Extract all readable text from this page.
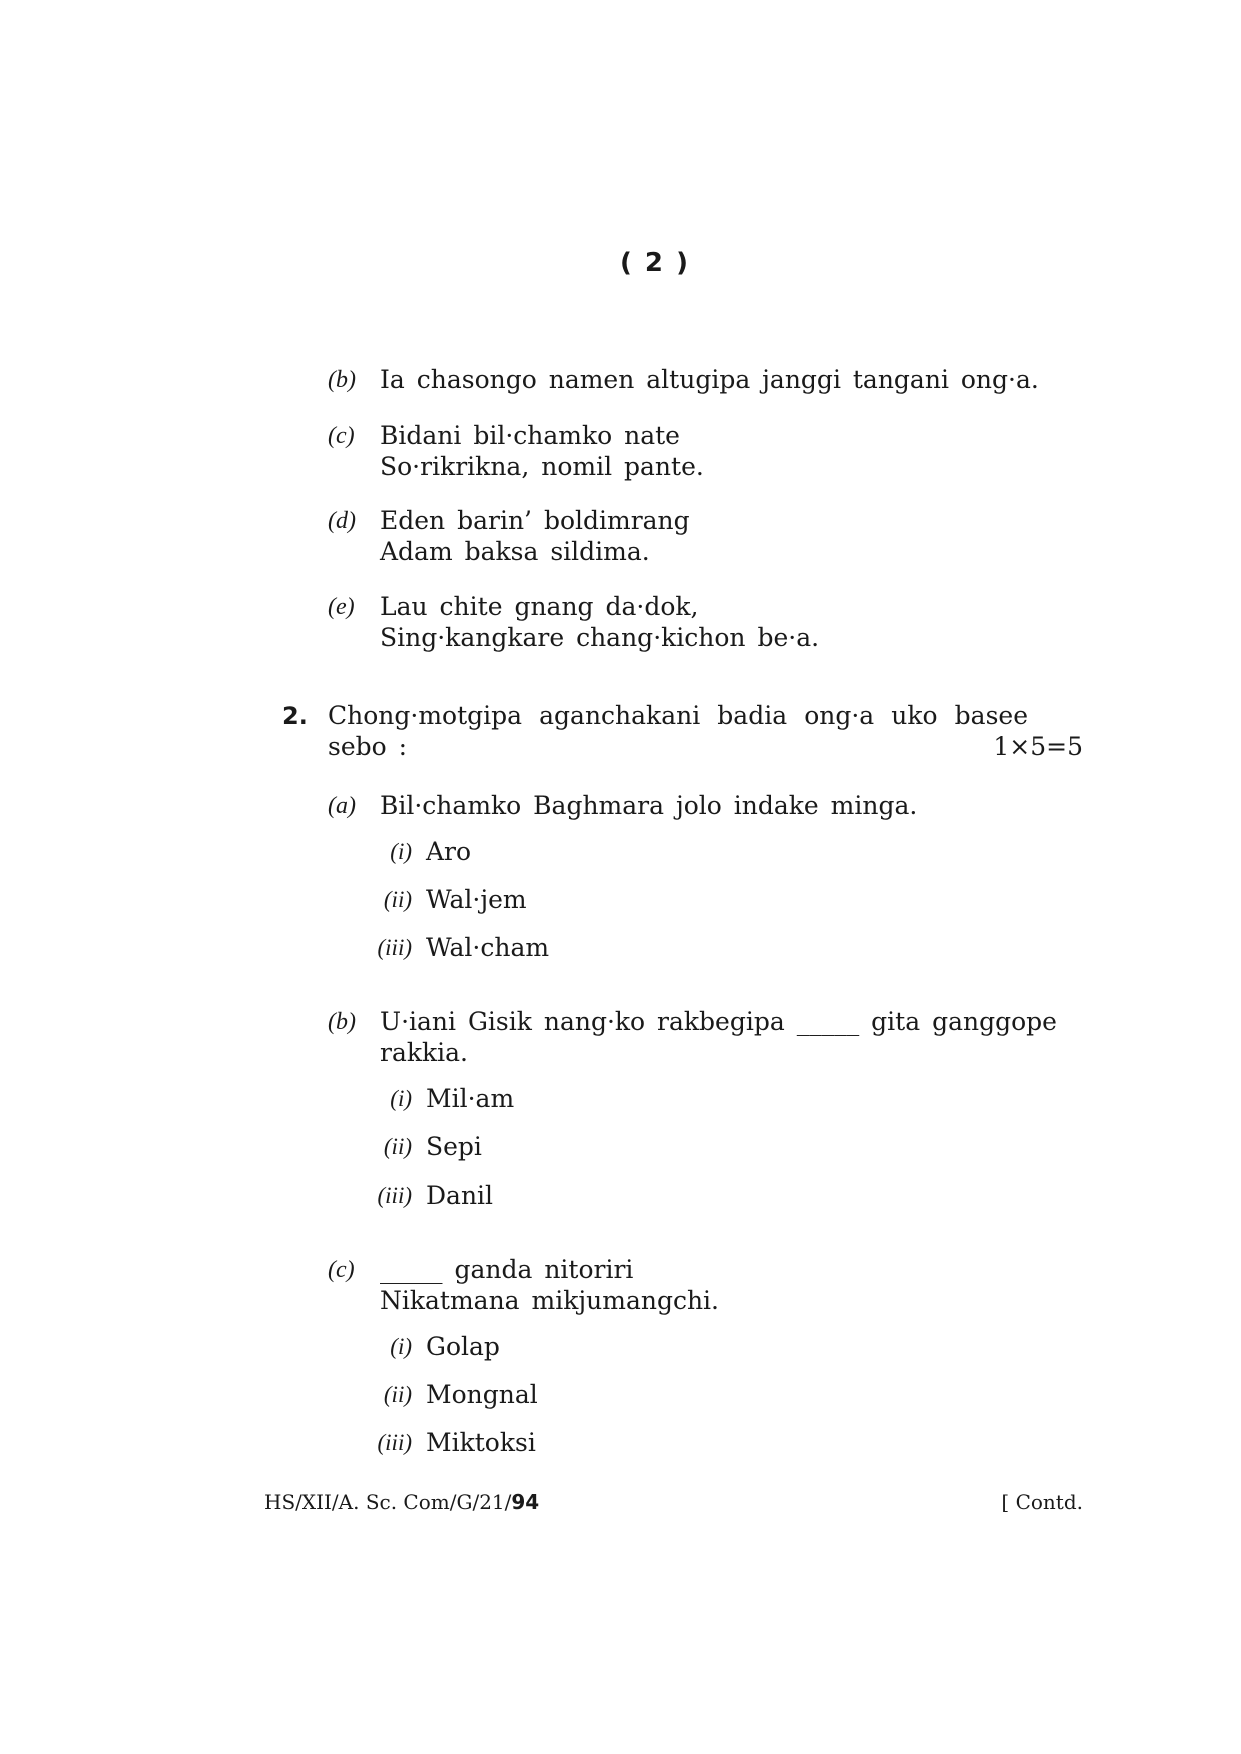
( 2 )
(b) Ia chasongo namen altugipa janggi tangani ong·a.
(c) Bidani bil·chamko nate
So·rikrikna, nomil pante.
(d) Eden barin’ boldimrang
Adam baksa sildima.
(e) Lau chite gnang da·dok,
Sing·kangkare chang·kichon be·a.
2. Chong·motgipa aganchakani badia ong·a uko basee
sebo :	1×5=5
(a) Bil·chamko Baghmara jolo indake minga.
(i) Aro
(ii) Wal·jem
(iii) Wal·cham
(b) U·iani Gisik nang·ko rakbegipa _____ gita ganggope
rakkia.
(i) Mil·am
(ii) Sepi
(iii) Danil
(c) _____ ganda nitoriri
Nikatmana mikjumangchi.
(i) Golap
(ii) Mongnal
(iii) Miktoksi
HS/XII/A. Sc. Com/G/21/94	[ Contd.
